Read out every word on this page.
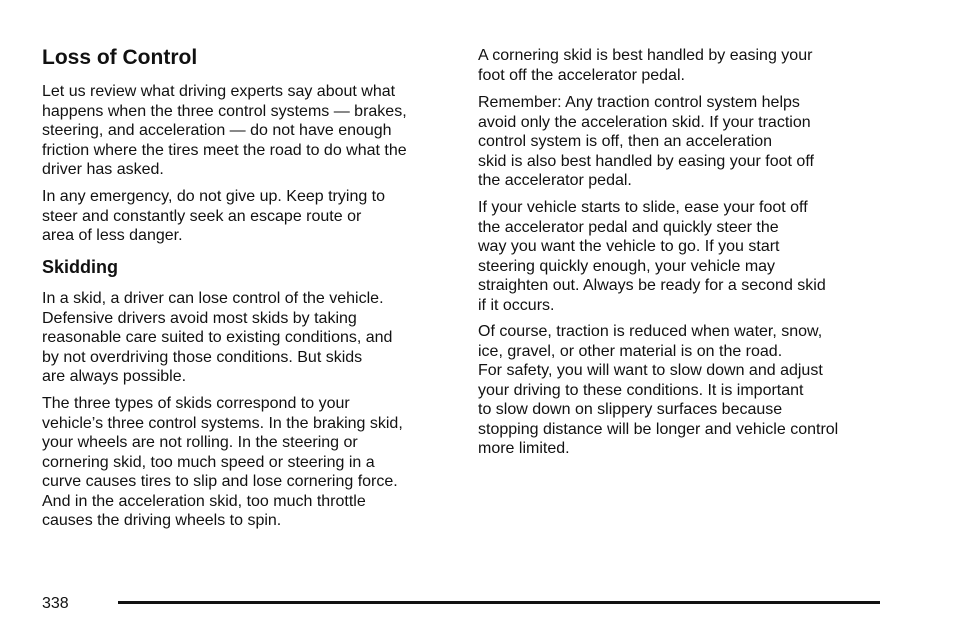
Loss of Control
Let us review what driving experts say about what
happens when the three control systems — brakes,
steering, and acceleration — do not have enough
friction where the tires meet the road to do what the
driver has asked.
In any emergency, do not give up. Keep trying to
steer and constantly seek an escape route or
area of less danger.
Skidding
In a skid, a driver can lose control of the vehicle.
Defensive drivers avoid most skids by taking
reasonable care suited to existing conditions, and
by not overdriving those conditions. But skids
are always possible.
The three types of skids correspond to your
vehicle’s three control systems. In the braking skid,
your wheels are not rolling. In the steering or
cornering skid, too much speed or steering in a
curve causes tires to slip and lose cornering force.
And in the acceleration skid, too much throttle
causes the driving wheels to spin.
A cornering skid is best handled by easing your
foot off the accelerator pedal.
Remember: Any traction control system helps
avoid only the acceleration skid. If your traction
control system is off, then an acceleration
skid is also best handled by easing your foot off
the accelerator pedal.
If your vehicle starts to slide, ease your foot off
the accelerator pedal and quickly steer the
way you want the vehicle to go. If you start
steering quickly enough, your vehicle may
straighten out. Always be ready for a second skid
if it occurs.
Of course, traction is reduced when water, snow,
ice, gravel, or other material is on the road.
For safety, you will want to slow down and adjust
your driving to these conditions. It is important
to slow down on slippery surfaces because
stopping distance will be longer and vehicle control
more limited.
338
